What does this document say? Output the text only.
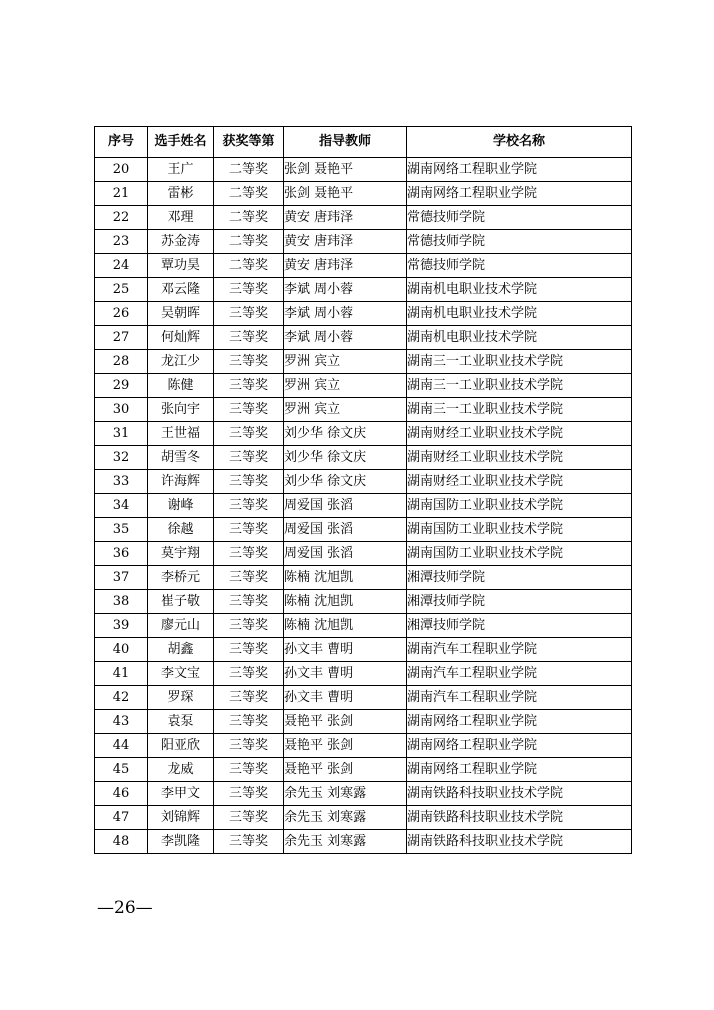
序号	选手姓名	获奖等第	指导教师	学校名称
20	王广	二等奖	张剑 聂艳平	湖南网络工程职业学院
21	雷彬	二等奖	张剑 聂艳平	湖南网络工程职业学院
22	邓理	二等奖	黄安 唐玮泽	常德技师学院
23	苏金涛	二等奖	黄安 唐玮泽	常德技师学院
24	覃功昊	二等奖	黄安 唐玮泽	常德技师学院
25	邓云隆	三等奖	李斌 周小蓉	湖南机电职业技术学院
26	吴朝晖	三等奖	李斌 周小蓉	湖南机电职业技术学院
27	何灿辉	三等奖	李斌 周小蓉	湖南机电职业技术学院
28	龙江少	三等奖	罗洲 宾立	湖南三一工业职业技术学院
29	陈健	三等奖	罗洲 宾立	湖南三一工业职业技术学院
30	张向宇	三等奖	罗洲 宾立	湖南三一工业职业技术学院
31	王世福	三等奖	刘少华 徐文庆	湖南财经工业职业技术学院
32	胡雪冬	三等奖	刘少华 徐文庆	湖南财经工业职业技术学院
33	许海辉	三等奖	刘少华 徐文庆	湖南财经工业职业技术学院
34	谢峰	三等奖	周爱国 张滔	湖南国防工业职业技术学院
35	徐越	三等奖	周爱国 张滔	湖南国防工业职业技术学院
36	莫宇翔	三等奖	周爱国 张滔	湖南国防工业职业技术学院
37	李桥元	三等奖	陈楠 沈旭凯	湘潭技师学院
38	崔子敬	三等奖	陈楠 沈旭凯	湘潭技师学院
39	廖元山	三等奖	陈楠 沈旭凯	湘潭技师学院
40	胡鑫	三等奖	孙文丰 曹明	湖南汽车工程职业学院
41	李文宝	三等奖	孙文丰 曹明	湖南汽车工程职业学院
42	罗琛	三等奖	孙文丰 曹明	湖南汽车工程职业学院
43	袁泵	三等奖	聂艳平 张剑	湖南网络工程职业学院
44	阳亚欣	三等奖	聂艳平 张剑	湖南网络工程职业学院
45	龙威	三等奖	聂艳平 张剑	湖南网络工程职业学院
46	李甲文	三等奖	余先玉 刘寒露	湖南铁路科技职业技术学院
47	刘锦辉	三等奖	余先玉 刘寒露	湖南铁路科技职业技术学院
48	李凯隆	三等奖	余先玉 刘寒露	湖南铁路科技职业技术学院
—26—
